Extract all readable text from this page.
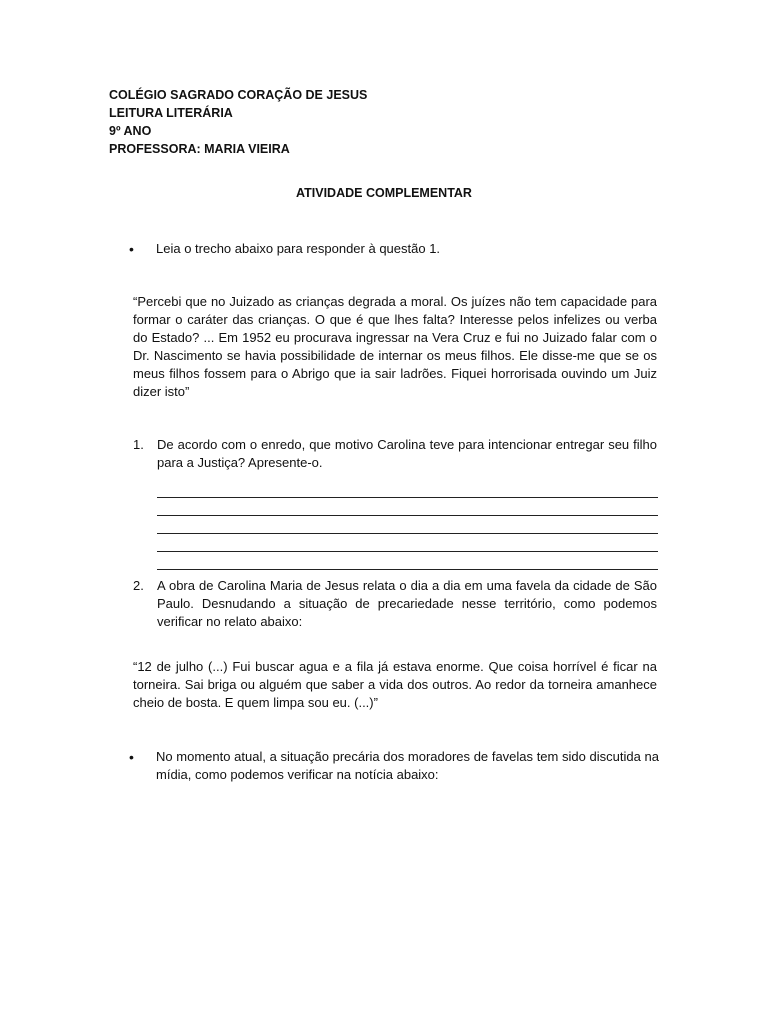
COLÉGIO SAGRADO CORAÇÃO DE JESUS
LEITURA LITERÁRIA
9º ANO
PROFESSORA: MARIA VIEIRA
ATIVIDADE COMPLEMENTAR
• Leia o trecho abaixo para responder à questão 1.
“Percebi que no Juizado as crianças degrada a moral. Os juízes não tem capacidade para formar o caráter das crianças. O que é que lhes falta? Interesse pelos infelizes ou verba do Estado? ... Em 1952 eu procurava ingressar na Vera Cruz e fui no Juizado falar com o Dr. Nascimento se havia possibilidade de internar os meus filhos. Ele disse-me que se os meus filhos fossem para o Abrigo que ia sair ladrões. Fiquei horrorisada ouvindo um Juiz dizer isto”
1. De acordo com o enredo, que motivo Carolina teve para intencionar entregar seu filho para a Justiça? Apresente-o.
2. A obra de Carolina Maria de Jesus relata o dia a dia em uma favela da cidade de São Paulo. Desnudando a situação de precariedade nesse território, como podemos verificar no relato abaixo:
“12 de julho (...) Fui buscar agua e a fila já estava enorme. Que coisa horrível é ficar na torneira. Sai briga ou alguém que saber a vida dos outros. Ao redor da torneira amanhece cheio de bosta. E quem limpa sou eu. (...)”
• No momento atual, a situação precária dos moradores de favelas tem sido discutida na mídia, como podemos verificar na notícia abaixo:
